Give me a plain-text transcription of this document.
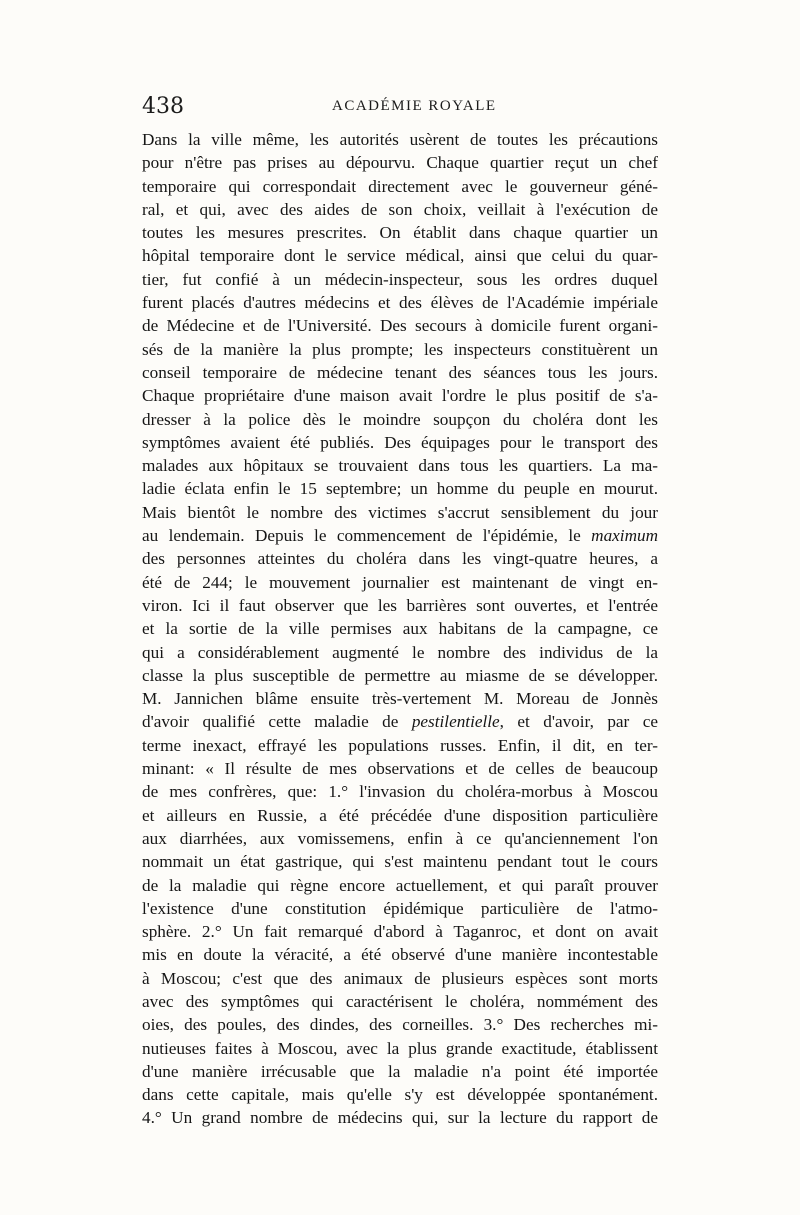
438	ACADÉMIE ROYALE
Dans la ville même, les autorités usèrent de toutes les précautions
pour n'être pas prises au dépourvu. Chaque quartier reçut un chef
temporaire qui correspondait directement avec le gouverneur géné-
ral, et qui, avec des aides de son choix, veillait à l'exécution de
toutes les mesures prescrites. On établit dans chaque quartier un
hôpital temporaire dont le service médical, ainsi que celui du quar-
tier, fut confié à un médecin-inspecteur, sous les ordres duquel
furent placés d'autres médecins et des élèves de l'Académie impériale
de Médecine et de l'Université. Des secours à domicile furent organi-
sés de la manière la plus prompte; les inspecteurs constituèrent un
conseil temporaire de médecine tenant des séances tous les jours.
Chaque propriétaire d'une maison avait l'ordre le plus positif de s'a-
dresser à la police dès le moindre soupçon du choléra dont les
symptômes avaient été publiés. Des équipages pour le transport des
malades aux hôpitaux se trouvaient dans tous les quartiers. La ma-
ladie éclata enfin le 15 septembre; un homme du peuple en mourut.
Mais bientôt le nombre des victimes s'accrut sensiblement du jour
au lendemain. Depuis le commencement de l'épidémie, le maximum
des personnes atteintes du choléra dans les vingt-quatre heures, a
été de 244; le mouvement journalier est maintenant de vingt en-
viron. Ici il faut observer que les barrières sont ouvertes, et l'entrée
et la sortie de la ville permises aux habitans de la campagne, ce
qui a considérablement augmenté le nombre des individus de la
classe la plus susceptible de permettre au miasme de se développer.
M. Jannichen blâme ensuite très-vertement M. Moreau de Jonnès
d'avoir qualifié cette maladie de pestilentielle, et d'avoir, par ce
terme inexact, effrayé les populations russes. Enfin, il dit, en ter-
minant: « Il résulte de mes observations et de celles de beaucoup
de mes confrères, que: 1.° l'invasion du choléra-morbus à Moscou
et ailleurs en Russie, a été précédée d'une disposition particulière
aux diarrhées, aux vomissemens, enfin à ce qu'anciennement l'on
nommait un état gastrique, qui s'est maintenu pendant tout le cours
de la maladie qui règne encore actuellement, et qui paraît prouver
l'existence d'une constitution épidémique particulière de l'atmo-
sphère. 2.° Un fait remarqué d'abord à Taganroc, et dont on avait
mis en doute la véracité, a été observé d'une manière incontestable
à Moscou; c'est que des animaux de plusieurs espèces sont morts
avec des symptômes qui caractérisent le choléra, nommément des
oies, des poules, des dindes, des corneilles. 3.° Des recherches mi-
nutieuses faites à Moscou, avec la plus grande exactitude, établissent
d'une manière irrécusable que la maladie n'a point été importée
dans cette capitale, mais qu'elle s'y est développée spontanément.
4.° Un grand nombre de médecins qui, sur la lecture du rapport de
